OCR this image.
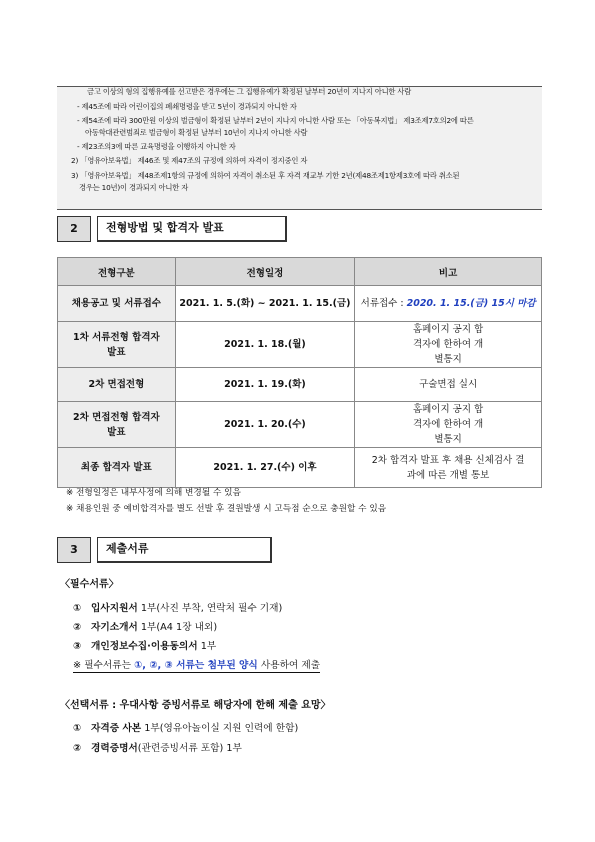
금고 이상의 형의 집행유예를 선고받은 경우에는 그 집행유예가 확정된 날부터 20년이 지나지 아니한 사람
- 제45조에 따라 어린이집의 폐쇄명령을 받고 5년이 경과되지 아니한 자
- 제54조에 따라 300만원 이상의 벌금형이 확정된 날부터 2년이 지나지 아니한 사람 또는 「아동복지법」 제3조제7호의2에 따른
아동학대관련범죄로 벌금형이 확정된 날부터 10년이 지나지 아니한 사람
- 제23조의3에 따른 교육명령을 이행하지 아니한 자
2) 「영유아보육법」 제46조 및 제47조의 규정에 의하여 자격이 정지중인 자
3) 「영유아보육법」 제48조제1항의 규정에 의하여 자격이 취소된 후 자격 재교부 기한 2년(제48조제1항제3호에 따라 취소된
경우는 10년)이 경과되지 아니한 자
2	전형방법 및 합격자 발표
전형구분	전형일정	비고
채용공고 및 서류접수	2021. 1. 5.(화) ~ 2021. 1. 15.(금)	서류접수 : 2020. 1. 15.(금) 15시 마감
1차 서류전형 합격자 발표	2021. 1. 18.(월)	홈페이지 공지 합격자에 한하여 개별통지
2차 면접전형	2021. 1. 19.(화)	구술면접 실시
2차 면접전형 합격자 발표	2021. 1. 20.(수)	홈페이지 공지 합격자에 한하여 개별통지
최종 합격자 발표	2021. 1. 27.(수) 이후	2차 합격자 발표 후 채용 신체검사 결과에 따른 개별 통보
※ 전형일정은 내부사정에 의해 변경될 수 있음
※ 채용인원 중 예비합격자를 별도 선발 후 결원발생 시 고득점 순으로 충원할 수 있음
3	제출서류
〈필수서류〉
① 입사지원서 1부(사진 부착, 연락처 필수 기재)
② 자기소개서 1부(A4 1장 내외)
③ 개인정보수집·이용동의서 1부
※ 필수서류는 ①, ②, ③ 서류는 첨부된 양식 사용하여 제출
〈선택서류 : 우대사항 증빙서류로 해당자에 한해 제출 요망〉
① 자격증 사본 1부(영유아놀이실 지원 인력에 한함)
② 경력증명서(관련증빙서류 포함) 1부
